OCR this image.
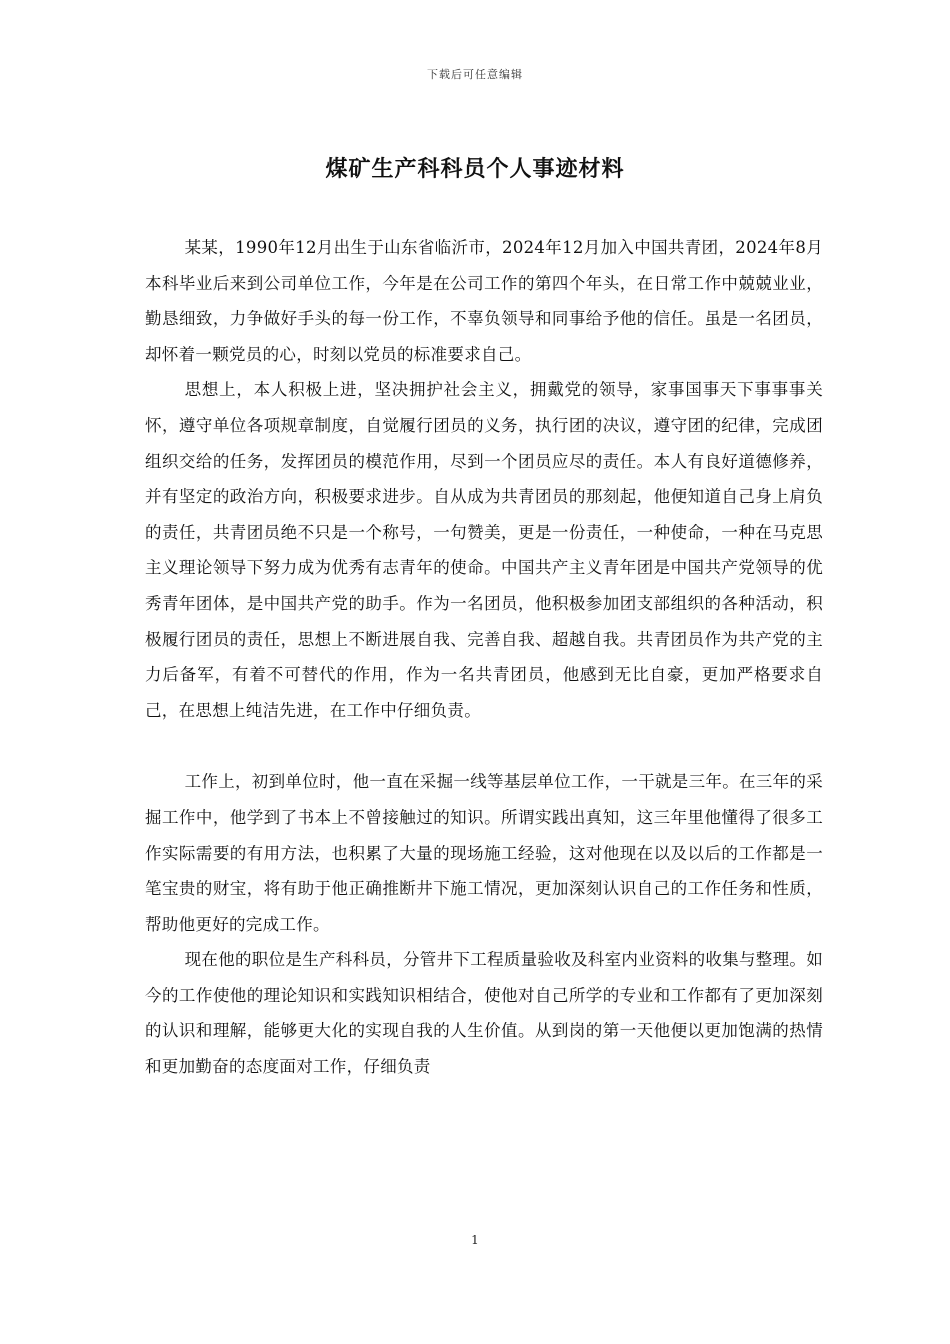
下载后可任意编辑
煤矿生产科科员个人事迹材料

某某，1990年12月出生于山东省临沂市，2024年12月加入中国共青团，2024年8月本科毕业后来到公司单位工作，今年是在公司工作的第四个年头，在日常工作中兢兢业业，勤恳细致，力争做好手头的每一份工作，不辜负领导和同事给予他的信任。虽是一名团员，却怀着一颗党员的心，时刻以党员的标准要求自己。

思想上，本人积极上进，坚决拥护社会主义，拥戴党的领导，家事国事天下事事事关怀，遵守单位各项规章制度，自觉履行团员的义务，执行团的决议，遵守团的纪律，完成团组织交给的任务，发挥团员的模范作用，尽到一个团员应尽的责任。本人有良好道德修养，并有坚定的政治方向，积极要求进步。自从成为共青团员的那刻起，他便知道自己身上肩负的责任，共青团员绝不只是一个称号，一句赞美，更是一份责任，一种使命，一种在马克思主义理论领导下努力成为优秀有志青年的使命。中国共产主义青年团是中国共产党领导的优秀青年团体，是中国共产党的助手。作为一名团员，他积极参加团支部组织的各种活动，积极履行团员的责任，思想上不断进展自我、完善自我、超越自我。共青团员作为共产党的主力后备军，有着不可替代的作用，作为一名共青团员，他感到无比自豪，更加严格要求自己，在思想上纯洁先进，在工作中仔细负责。

工作上，初到单位时，他一直在采掘一线等基层单位工作，一干就是三年。在三年的采掘工作中，他学到了书本上不曾接触过的知识。所谓实践出真知，这三年里他懂得了很多工作实际需要的有用方法，也积累了大量的现场施工经验，这对他现在以及以后的工作都是一笔宝贵的财宝，将有助于他正确推断井下施工情况，更加深刻认识自己的工作任务和性质，帮助他更好的完成工作。

现在他的职位是生产科科员，分管井下工程质量验收及科室内业资料的收集与整理。如今的工作使他的理论知识和实践知识相结合，使他对自己所学的专业和工作都有了更加深刻的认识和理解，能够更大化的实现自我的人生价值。从到岗的第一天他便以更加饱满的热情和更加勤奋的态度面对工作，仔细负责

1
